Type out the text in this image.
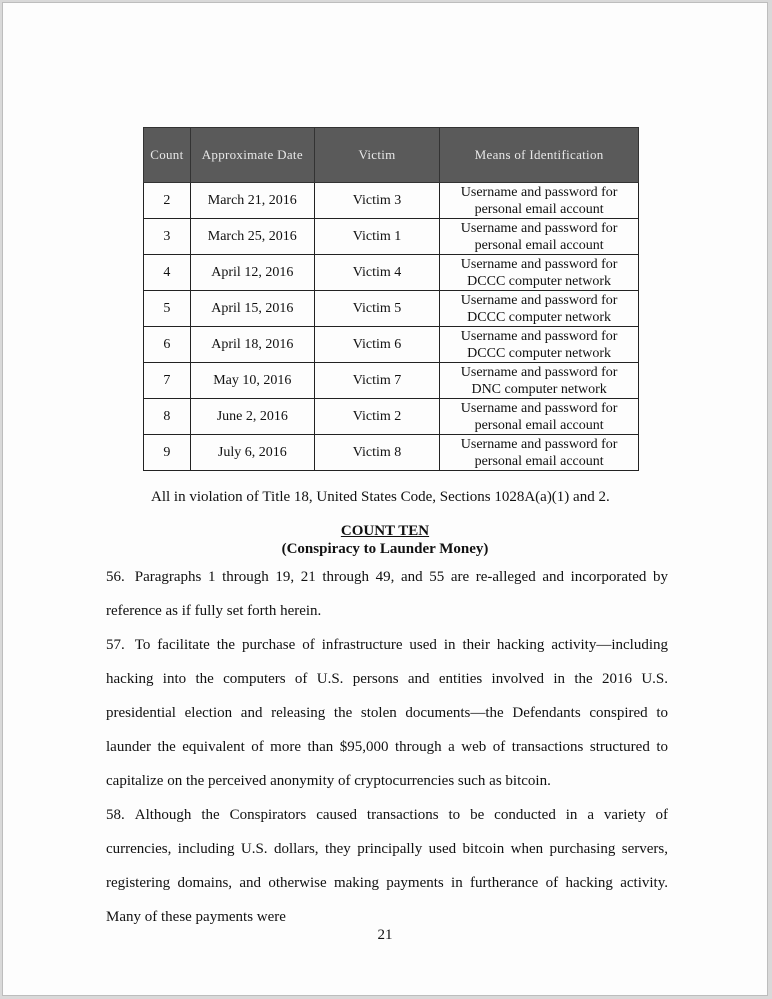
Count	Approximate Date	Victim	Means of Identification
2	March 21, 2016	Victim 3	Username and password for
personal email account
3	March 25, 2016	Victim 1	Username and password for
personal email account
4	April 12, 2016	Victim 4	Username and password for
DCCC computer network
5	April 15, 2016	Victim 5	Username and password for
DCCC computer network
6	April 18, 2016	Victim 6	Username and password for
DCCC computer network
7	May 10, 2016	Victim 7	Username and password for
DNC computer network
8	June 2, 2016	Victim 2	Username and password for
personal email account
9	July 6, 2016	Victim 8	Username and password for
personal email account
All in violation of Title 18, United States Code, Sections 1028A(a)(1) and 2.
COUNT TEN
(Conspiracy to Launder Money)
56. Paragraphs 1 through 19, 21 through 49, and 55 are re-alleged and incorporated by reference as if fully set forth herein.
57. To facilitate the purchase of infrastructure used in their hacking activity—including hacking into the computers of U.S. persons and entities involved in the 2016 U.S. presidential election and releasing the stolen documents—the Defendants conspired to launder the equivalent of more than $95,000 through a web of transactions structured to capitalize on the perceived anonymity of cryptocurrencies such as bitcoin.
58. Although the Conspirators caused transactions to be conducted in a variety of currencies, including U.S. dollars, they principally used bitcoin when purchasing servers, registering domains, and otherwise making payments in furtherance of hacking activity. Many of these payments were
21
